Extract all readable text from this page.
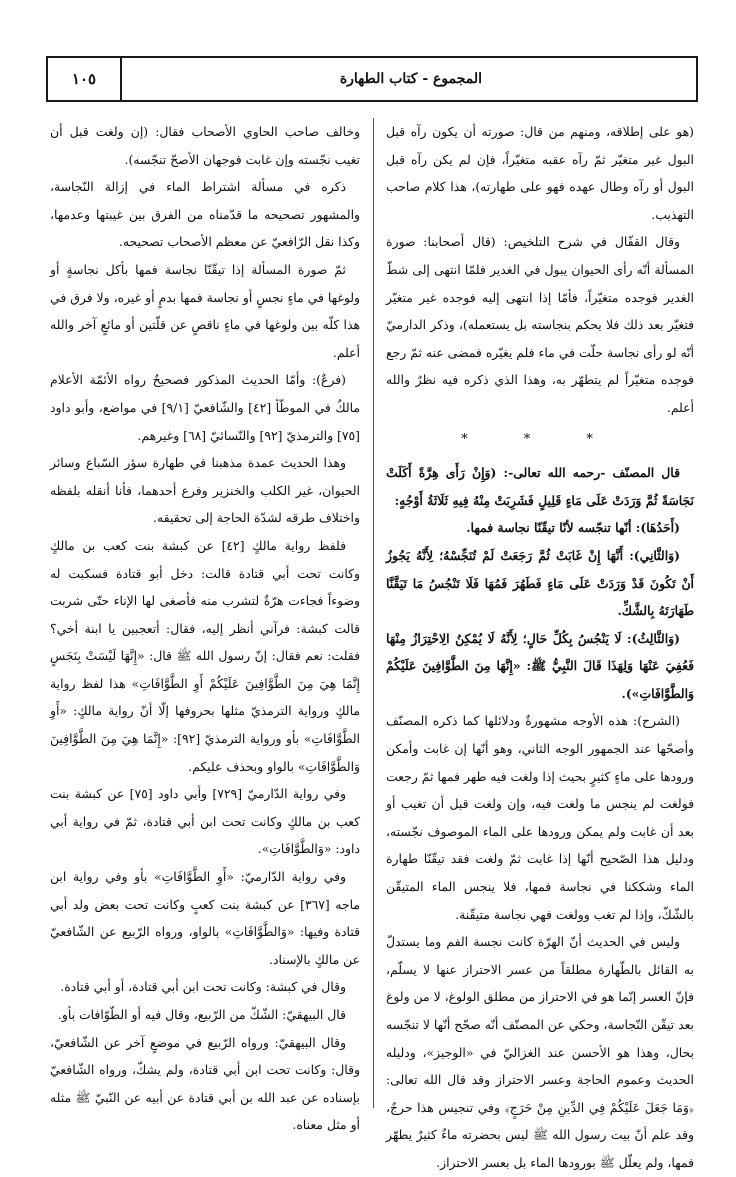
المجموع - كتاب الطهارة
١٠٥

(هو على إطلاقه، ومنهم من قال: صورته أن يكون رآه قبل البول غير متغيّر ثمّ رآه عقبه متغيّراً، فإن لم يكن رآه قبل البول أو رآه وطال عهده فهو على طهارته)، هذا كلام صاحب التهذيب.

وقال القفّال في شرح التلخيص: (قال أصحابنا: صورة المسألة أنّه رأى الحيوان يبول في الغدير فلمّا انتهى إلى شطّ الغدير فوجده متغيّراً، فأمّا إذا انتهى إليه فوجده غير متغيّر فتغيّر بعد ذلك فلا يحكم بنجاسته بل يستعمله)، وذكر الدارميّ أنّه لو رأى نجاسة حلّت في ماء فلم يغيّره فمضى عنه ثمّ رجع فوجده متغيّراً لم يتطهّر به، وهذا الذي ذكره فيه نظرٌ والله أعلم.

* * *

قال المصنّف -رحمه الله تعالى-: (وَإِنْ رَأَى هِرَّةً أَكَلَتْ نَجَاسَةً ثُمَّ وَرَدَتْ عَلَى مَاءٍ قَلِيلٍ فَشَرِبَتْ مِنْهُ فِيهِ ثَلَاثَةُ أَوْجُهٍ:

(أَحَدُهَا): أنّها تنجّسه لأنّا تيقّنّا نجاسة فمها.

(وَالثَّانِي): أَنَّهَا إِنْ غَابَتْ ثُمَّ رَجَعَتْ لَمْ تُنَجِّسْهُ؛ لِأَنَّهُ يَجُوزُ أَنْ تَكُونَ قَدْ وَرَدَتْ عَلَى مَاءٍ فَطَهُرَ فَمُهَا فَلَا تَنْجُسُ مَا تَيَقَّنَّا طَهَارَتَهُ بِالشَّكِّ.

(وَالثَّالِثُ): لَا يَنْجُسُ بِكُلِّ حَالٍ؛ لِأَنَّهُ لَا يُمْكِنُ الِاحْتِرَازُ مِنْهَا فَعُفِيَ عَنْهَا وَلِهَذَا قَالَ النَّبِيُّ ﷺ: «إِنَّهَا مِنَ الطَّوَّافِينَ عَلَيْكُمْ وَالطَّوَّافَاتِ»).

(الشرح): هذه الأوجه مشهورةٌ ودلائلها كما ذكره المصنّف وأصحّها عند الجمهور الوجه الثاني، وهو أنّها إن غابت وأمكن ورودها على ماءٍ كثيرٍ بحيث إذا ولغت فيه طهر فمها ثمّ رجعت فولغت لم ينجس ما ولغت فيه، وإن ولغت قبل أن تغيب أو بعد أن غابت ولم يمكن ورودها على الماء الموصوف نجّسته، ودليل هذا الصّحيح أنّها إذا غابت ثمّ ولغت فقد تيقّنّا طهارة الماء وشككنا في نجاسة فمها، فلا ينجس الماء المتيقّن بالشّكّ، وإذا لم تغب وولغت فهي نجاسة متيقّنة.

وليس في الحديث أنّ الهرّة كانت نجسة الفم وما يستدلّ به القائل بالطّهارة مطلقاً من عسر الاحتراز عنها لا يسلّم، فإنّ العسر إنّما هو في الاحتراز من مطلق الولوغ، لا من ولوغ بعد تيقّن النّجاسة، وحكي عن المصنّف أنّه صحّح أنّها لا تنجّسه بحال، وهذا هو الأحسن عند الغزاليّ في «الوجيز»، ودليله الحديث وعموم الحاجة وعسر الاحتراز وقد قال الله تعالى: ﴿وَمَا جَعَلَ عَلَيْكُمْ فِي الدِّينِ مِنْ حَرَجٍ﴾ وفي تنجيس هذا حرجٌ، وقد علم أنّ بيت رسول الله ﷺ ليس بحضرته ماءٌ كثيرٌ يطهّر فمها، ولم يعلّل ﷺ بورودها الماء بل بعسر الاحتراز.

وخالف صاحب الحاوي الأصحاب فقال: (إن ولغت قبل أن تغيب نجّسته وإن غابت فوجهان الأصحّ تنجّسه).

ذكره في مسألة اشتراط الماء في إزالة النّجاسة، والمشهور تصحيحه ما قدّمناه من الفرق بين غيبتها وعدمها، وكذا نقل الرّافعيّ عن معظم الأصحاب تصحيحه.

ثمّ صورة المسألة إذا تيقّنّا نجاسة فمها بأكل نجاسةٍ أو ولوغها في ماءٍ نجسٍ أو نجاسة فمها بدمٍ أو غيره، ولا فرق في هذا كلّه بين ولوغها في ماءٍ ناقصٍ عن قلّتين أو مائعٍ آخر والله أعلم.

(فرعٌ): وأمّا الحديث المذكور فصحيحٌ رواه الأئمّة الأعلام مالكٌ في الموطّأ [٤٢] والشّافعيّ [٩/١] في مواضع، وأبو داود [٧٥] والترمذيّ [٩٢] والنّسائيّ [٦٨] وغيرهم.

وهذا الحديث عمدة مذهبنا في طهارة سؤر السّباع وسائر الحيوان، غير الكلب والخنزير وفرع أحدهما، فأنا أنقله بلفظه واختلاف طرقه لشدّة الحاجة إلى تحقيقه.

فلفظ رواية مالكٍ [٤٢] عن كبشة بنت كعب بن مالكٍ وكانت تحت أبي قتادة قالت: دخل أبو قتادة فسكبت له وضوءاً فجاءت هرّةٌ لتشرب منه فأصغى لها الإناء حتّى شربت قالت كبشة: فرآني أنظر إليه، فقال: أتعجبين يا ابنة أخي؟ فقلت: نعم فقال: إنّ رسول الله ﷺ قال: «إِنَّهَا لَيْسَتْ بِنَجَسٍ إِنَّمَا هِيَ مِنَ الطَّوَّافِينَ عَلَيْكُمْ أَوِ الطَّوَّافَاتِ» هذا لفظ رواية مالكٍ ورواية الترمذيّ مثلها بحروفها إلّا أنّ رواية مالكٍ: «أَوِ الطَّوَّافَاتِ» بأو ورواية الترمذيّ [٩٢]: «إِنَّمَا هِيَ مِنَ الطَّوَّافِينَ وَالطَّوَّافَاتِ» بالواو وبحذف عليكم.

وفي رواية الدّارميّ [٧٢٩] وأبي داود [٧٥] عن كبشة بنت كعب بن مالكٍ وكانت تحت ابن أبي قتادة، ثمّ في رواية أبي داود: «وَالطَّوَّافَاتِ».

وفي رواية الدّارميّ: «أَوِ الطَّوَّافَاتِ» بأو وفي رواية ابن ماجه [٣٦٧] عن كبشة بنت كعبٍ وكانت تحت بعض ولد أبي قتادة وفيها: «وَالطَّوَّافَاتِ» بالواو، ورواه الرّبيع عن الشّافعيّ عن مالكٍ بالإسناد.

وقال في كبشة: وكانت تحت ابن أبي قتادة، أو أبي قتادة.

قال البيهقيّ: الشّكّ من الرّبيع، وقال فيه أو الطّوّافات بأو.

وقال البيهقيّ: ورواه الرّبيع في موضعٍ آخر عن الشّافعيّ، وقال: وكانت تحت ابن أبي قتادة، ولم يشكّ، ورواه الشّافعيّ بإسناده عن عبد الله بن أبي قتادة عن أبيه عن النّبيّ ﷺ مثله أو مثل معناه.
